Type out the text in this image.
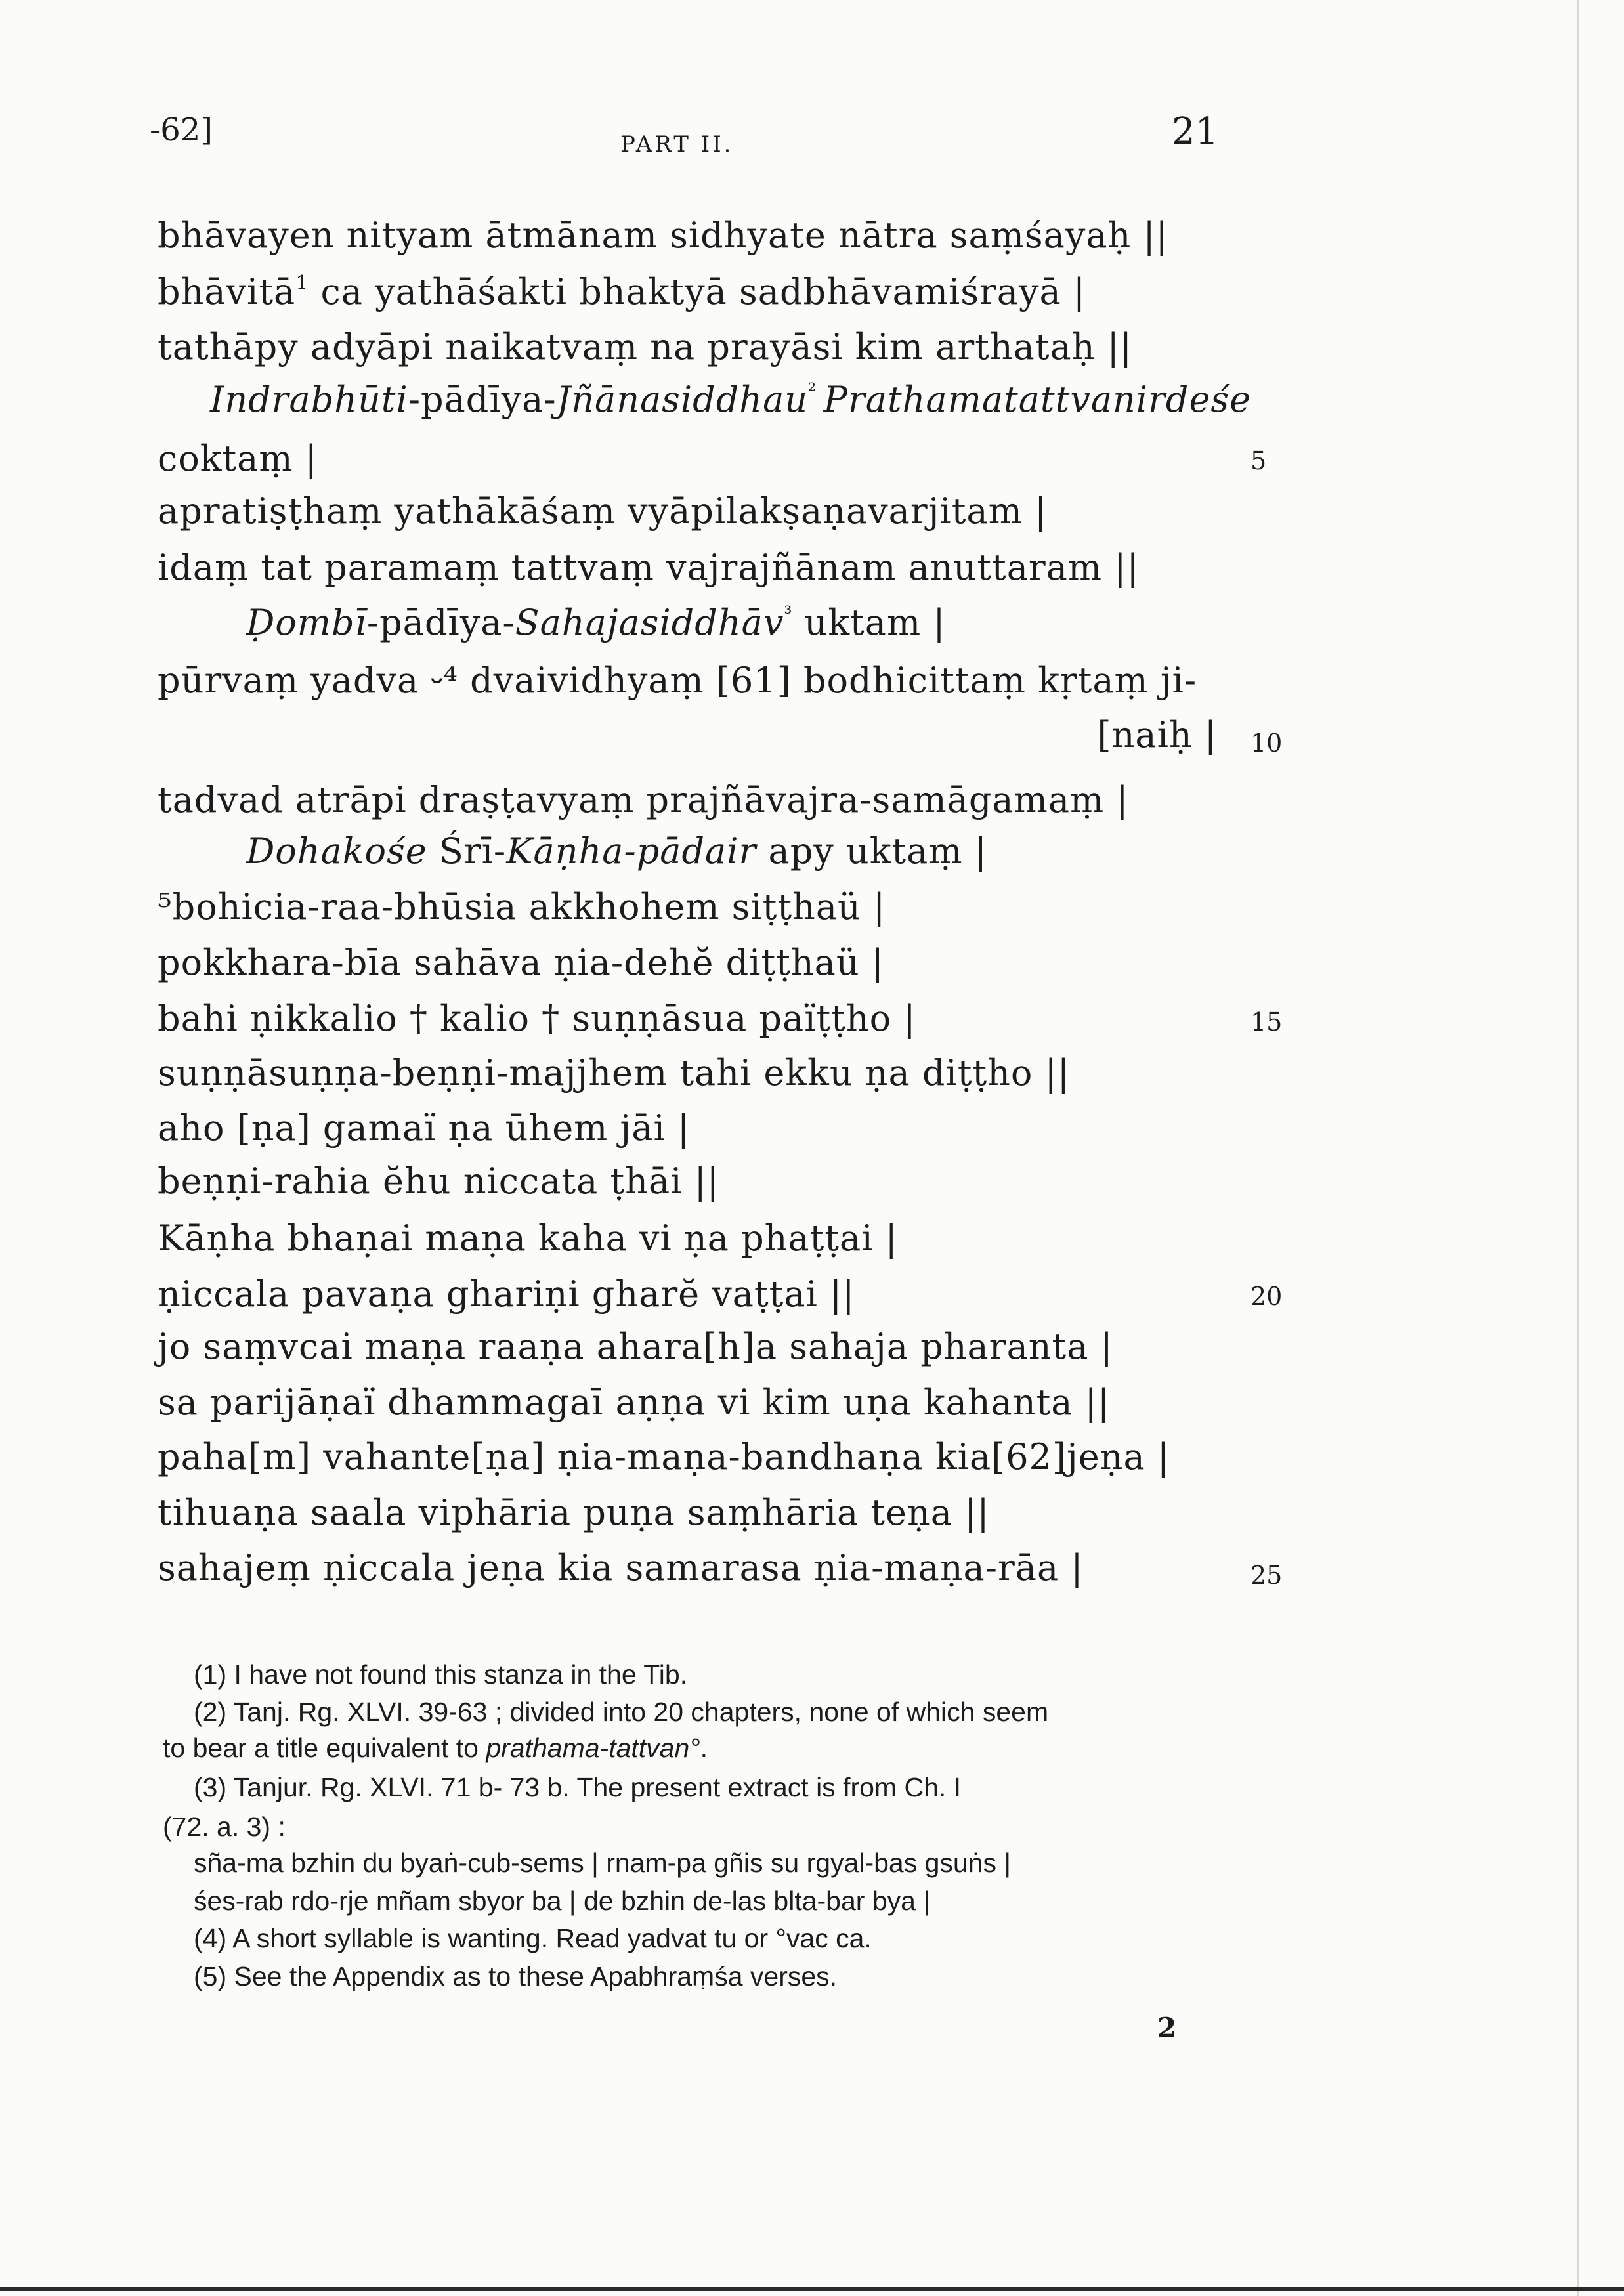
-62]	PART II.	21
bhāvayen nityam ātmānam sidhyate nātra saṃśayaḥ ||
bhāvitā$^1$ ca yathāśakti bhaktyā sadbhāvamiśrayā |
tathāpy adyāpi naikatvaṃ na prayāsi kim arthataḥ ||
Indrabhūti-pādīya-Jñānasiddhau$^{^2}$ Prathamatattvanirdeśe
coktaṃ |
apratiṣṭhaṃ yathākāśaṃ vyāpilakṣaṇavarjitam |
idaṃ tat paramaṃ tattvaṃ vajrajñānam anuttaram ||
Ḍombī-pādīya-Sahajasiddhāv$^{^3}$ uktam |
pūrvaṃ yadva ⏑⁴ dvaividhyaṃ [61] bodhicittaṃ kṛtaṃ ji-
[naiḥ |
tadvad atrāpi draṣṭavyaṃ prajñāvajra-samāgamaṃ |
Dohakośe Śrī-Kāṇha-pādair apy uktaṃ |
⁵bohicia-raa-bhūsia akkhohem siṭṭhaü |
pokkhara-bīa sahāva ṇia-dehĕ diṭṭhaü |
bahi ṇikkalio † kalio † suṇṇāsua païṭṭho |
suṇṇāsuṇṇa-beṇṇi-majjhem tahi ekku ṇa diṭṭho ||
aho [ṇa] gamaï ṇa ūhem jāi |
beṇṇi-rahia ĕhu niccata ṭhāi ||
Kāṇha bhaṇai maṇa kaha vi ṇa phaṭṭai |
ṇiccala pavaṇa ghariṇi gharĕ vaṭṭai ||
jo saṃvcai maṇa raaṇa ahara[h]a sahaja pharanta |
sa parijāṇaï dhammagaī aṇṇa vi kim uṇa kahanta ||
paha[m] vahante[ṇa] ṇia-maṇa-bandhaṇa kia[62]jeṇa |
tihuaṇa saala viphāria puṇa saṃhāria teṇa ||
sahajeṃ ṇiccala jeṇa kia samarasa ṇia-maṇa-rāa |
5
10
15
20
25
(1) I have not found this stanza in the Tib.
(2) Tanj. Rg. XLVI. 39-63 ; divided into 20 chapters, none of which seem
to bear a title equivalent to prathama-tattvan°.
(3) Tanjur. Rg. XLVI. 71 b- 73 b. The present extract is from Ch. I
(72. a. 3) :
sña-ma bzhin du byaṅ-cub-sems | rnam-pa gñis su rgyal-bas gsuṅs |
śes-rab rdo-rje mñam sbyor ba | de bzhin de-las blta-bar bya |
(4) A short syllable is wanting. Read yadvat tu or °vac ca.
(5) See the Appendix as to these Apabhraṃśa verses.
2
